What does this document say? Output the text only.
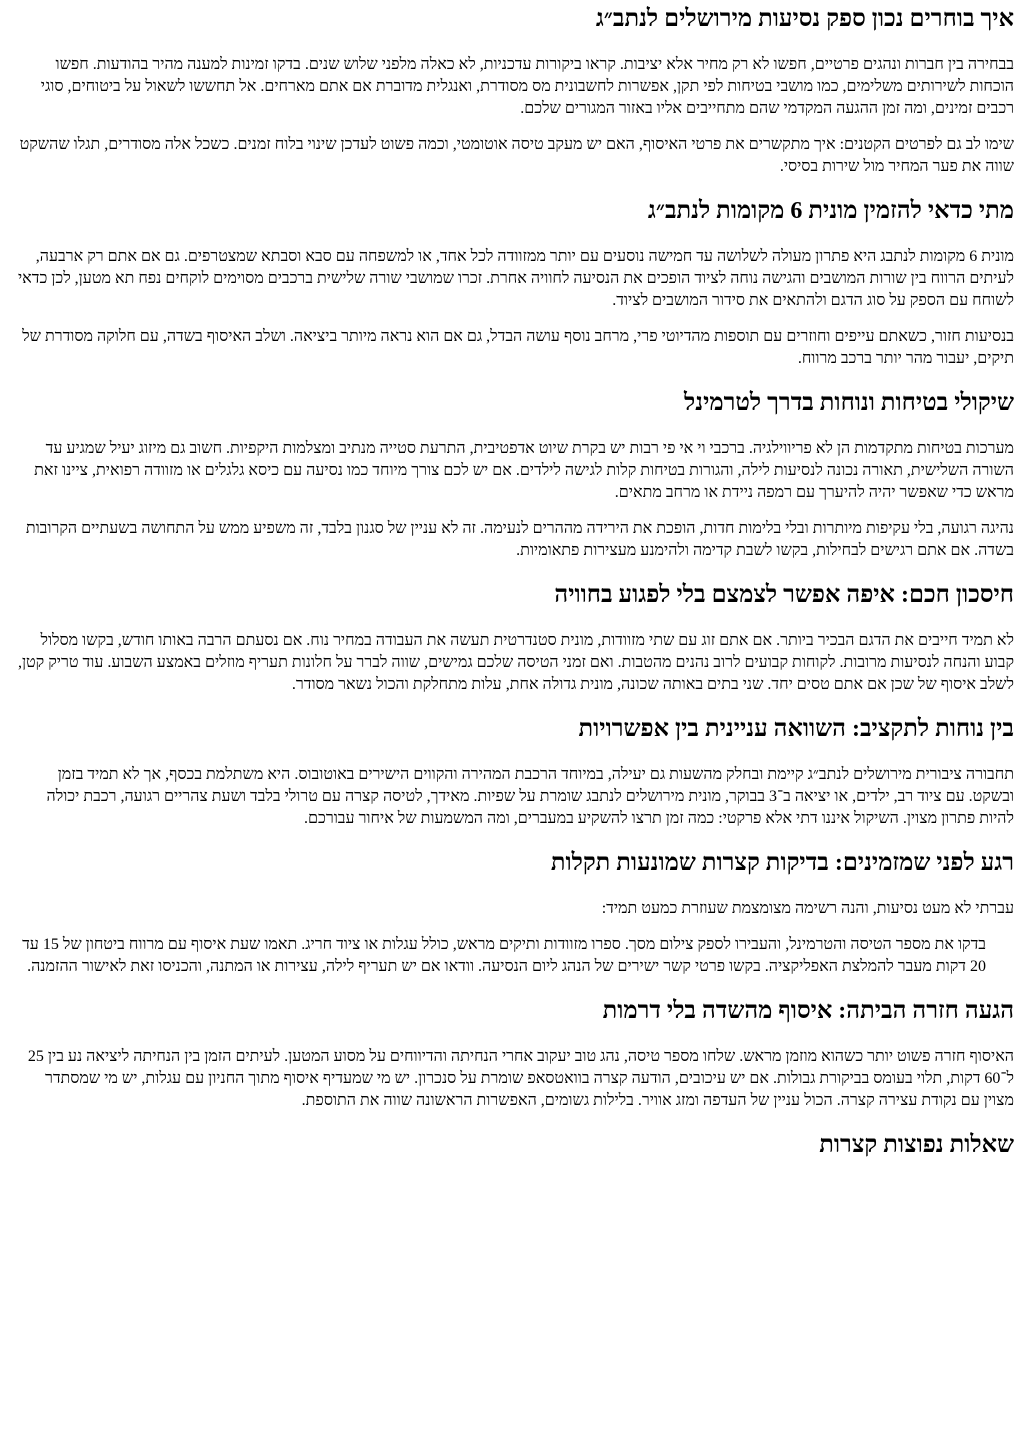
איך בוחרים נכון ספק נסיעות מירושלים לנתב״ג

בבחירה בין חברות ונהגים פרטיים, חפשו לא רק מחיר אלא יציבות. קראו ביקורות עדכניות, לא כאלה מלפני שלוש שנים. בדקו זמינות למענה מהיר בהודעות. חפשו הוכחות לשירותים משלימים, כמו מושבי בטיחות לפי תקן, אפשרות לחשבונית מס מסודרת, ואנגלית מדוברת אם אתם מארחים. אל תחששו לשאול על ביטוחים, סוגי רכבים זמינים, ומה זמן ההגעה המקדמי שהם מתחייבים אליו באזור המגורים שלכם.

שימו לב גם לפרטים הקטנים: איך מתקשרים את פרטי האיסוף, האם יש מעקב טיסה אוטומטי, וכמה פשוט לעדכן שינוי בלוח זמנים. כשכל אלה מסודרים, תגלו שהשקט שווה את פער המחיר מול שירות בסיסי.

מתי כדאי להזמין מונית 6 מקומות לנתב״ג

מונית 6 מקומות לנתבג היא פתרון מעולה לשלושה עד חמישה נוסעים עם יותר ממזוודה לכל אחד, או למשפחה עם סבא וסבתא שמצטרפים. גם אם אתם רק ארבעה, לעיתים הרווח בין שורות המושבים והגישה נוחה לציוד הופכים את הנסיעה לחוויה אחרת. זכרו שמושבי שורה שלישית ברכבים מסוימים לוקחים נפח תא מטען, לכן כדאי לשוחח עם הספק על סוג הדגם ולהתאים את סידור המושבים לציוד.

בנסיעות חזור, כשאתם עייפים וחוזרים עם תוספות מהדיוטי פרי, מרחב נוסף עושה הבדל, גם אם הוא נראה מיותר ביציאה. ושלב האיסוף בשדה, עם חלוקה מסודרת של תיקים, יעבור מהר יותר ברכב מרווח.

שיקולי בטיחות ונוחות בדרך לטרמינל

מערכות בטיחות מתקדמות הן לא פריווילגיה. ברכבי וי אי פי רבות יש בקרת שיוט אדפטיבית, התרעת סטייה מנתיב ומצלמות היקפיות. חשוב גם מיזוג יעיל שמגיע עד השורה השלישית, תאורה נכונה לנסיעות לילה, והגורות בטיחות קלות לגישה לילדים. אם יש לכם צורך מיוחד כמו נסיעה עם כיסא גלגלים או מזוודה רפואית, ציינו זאת מראש כדי שאפשר יהיה להיערך עם רמפה ניידת או מרחב מתאים.

נהיגה רגועה, בלי עקיפות מיותרות ובלי בלימות חדות, הופכת את הירידה מההרים לנעימה. זה לא עניין של סגנון בלבד, זה משפיע ממש על התחושה בשעתיים הקרובות בשדה. אם אתם רגישים לבחילות, בקשו לשבת קדימה ולהימנע מעצירות פתאומיות.

חיסכון חכם: איפה אפשר לצמצם בלי לפגוע בחוויה

לא תמיד חייבים את הדגם הבכיר ביותר. אם אתם זוג עם שתי מזוודות, מונית סטנדרטית תעשה את העבודה במחיר נוח. אם נסעתם הרבה באותו חודש, בקשו מסלול קבוע והנחה לנסיעות מרובות. לקוחות קבועים לרוב נהנים מהטבות. ואם זמני הטיסה שלכם גמישים, שווה לברר על חלונות תעריף מוזלים באמצע השבוע. עוד טריק קטן, לשלב איסוף של שכן אם אתם טסים יחד. שני בתים באותה שכונה, מונית גדולה אחת, עלות מתחלקת והכול נשאר מסודר.

בין נוחות לתקציב: השוואה עניינית בין אפשרויות

תחבורה ציבורית מירושלים לנתב״ג קיימת ובחלק מהשעות גם יעילה, במיוחד הרכבת המהירה והקווים הישירים באוטובוס. היא משתלמת בכסף, אך לא תמיד בזמן ובשקט. עם ציוד רב, ילדים, או יציאה ב־3 בבוקר, מונית מירושלים לנתבג שומרת על שפיות. מאידך, לטיסה קצרה עם טרולי בלבד ושעת צהריים רגועה, רכבת יכולה להיות פתרון מצוין. השיקול איננו דתי אלא פרקטי: כמה זמן תרצו להשקיע במעברים, ומה המשמעות של איחור עבורכם.

רגע לפני שמזמינים: בדיקות קצרות שמונעות תקלות

עברתי לא מעט נסיעות, והנה רשימה מצומצמת שעוזרת כמעט תמיד:

בדקו את מספר הטיסה והטרמינל, והעבירו לספק צילום מסך. ספרו מזוודות ותיקים מראש, כולל עגלות או ציוד חריג. תאמו שעת איסוף עם מרווח ביטחון של 15 עד 20 דקות מעבר להמלצת האפליקציה. בקשו פרטי קשר ישירים של הנהג ליום הנסיעה. וודאו אם יש תעריף לילה, עצירות או המתנה, והכניסו זאת לאישור ההזמנה.
הגעה חזרה הביתה: איסוף מהשדה בלי דרמות

האיסוף חזרה פשוט יותר כשהוא מוזמן מראש. שלחו מספר טיסה, נהג טוב יעקוב אחרי הנחיתה והדיווחים על מסוע המטען. לעיתים הזמן בין הנחיתה ליציאה נע בין 25 ל־60 דקות, תלוי בעומס בביקורת גבולות. אם יש עיכובים, הודעה קצרה בוואטסאפ שומרת על סנכרון. יש מי שמעדיף איסוף מתוך החניון עם עגלות, יש מי שמסתדר מצוין עם נקודת עצירה קצרה. הכול עניין של העדפה ומזג אוויר. בלילות גשומים, האפשרות הראשונה שווה את התוספת.

שאלות נפוצות קצרות
